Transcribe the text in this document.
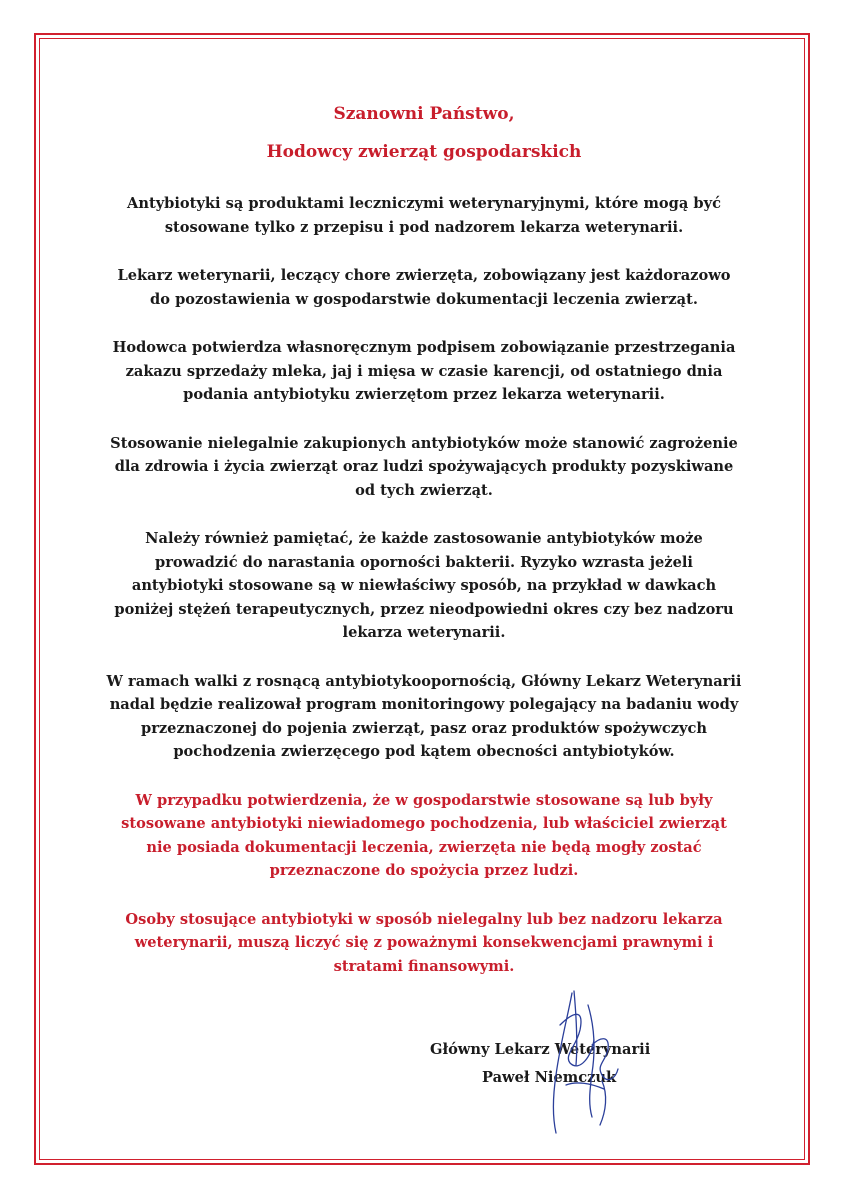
Szanowni Państwo,

Hodowcy zwierząt gospodarskich

Antybiotyki są produktami leczniczymi weterynaryjnymi, które mogą być
stosowane tylko z przepisu i pod nadzorem lekarza weterynarii.

Lekarz weterynarii, leczący chore zwierzęta, zobowiązany jest każdorazowo
do pozostawienia w gospodarstwie dokumentacji leczenia zwierząt.

Hodowca potwierdza własnoręcznym podpisem zobowiązanie przestrzegania
zakazu sprzedaży mleka, jaj i mięsa w czasie karencji, od ostatniego dnia
podania antybiotyku zwierzętom przez lekarza weterynarii.

Stosowanie nielegalnie zakupionych antybiotyków może stanowić zagrożenie
dla zdrowia i życia zwierząt oraz ludzi spożywających produkty pozyskiwane
od tych zwierząt.

Należy również pamiętać, że każde zastosowanie antybiotyków może
prowadzić do narastania oporności bakterii. Ryzyko wzrasta jeżeli
antybiotyki stosowane są w niewłaściwy sposób, na przykład w dawkach
poniżej stężeń terapeutycznych, przez nieodpowiedni okres czy bez nadzoru
lekarza weterynarii.

W ramach walki z rosnącą antybiotykoopornością, Główny Lekarz Weterynarii
nadal będzie realizował program monitoringowy polegający na badaniu wody
przeznaczonej do pojenia zwierząt, pasz oraz produktów spożywczych
pochodzenia zwierzęcego pod kątem obecności antybiotyków.

W przypadku potwierdzenia, że w gospodarstwie stosowane są lub były
stosowane antybiotyki niewiadomego pochodzenia, lub właściciel zwierząt
nie posiada dokumentacji leczenia, zwierzęta nie będą mogły zostać
przeznaczone do spożycia przez ludzi.

Osoby stosujące antybiotyki w sposób nielegalny lub bez nadzoru lekarza
weterynarii, muszą liczyć się z poważnymi konsekwencjami prawnymi i
stratami finansowymi.

Główny Lekarz Weterynarii
Paweł Niemczuk
